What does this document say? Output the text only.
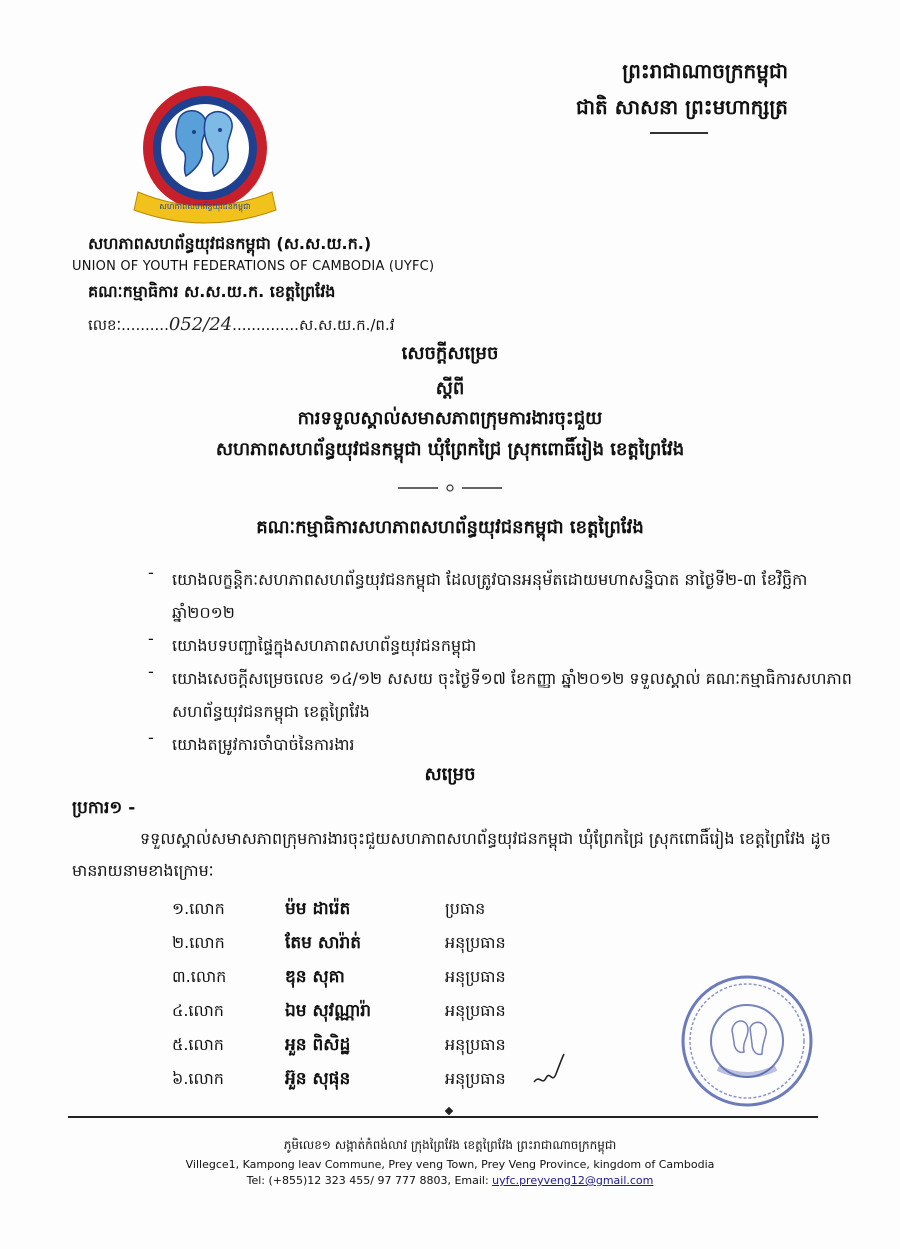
ព្រះរាជាណាចក្រកម្ពុជា
ជាតិ សាសនា ព្រះមហាក្សត្រ
សហភាពសហព័ន្ធយុវជនកម្ពុជា
សហភាពសហព័ន្ធយុវជនកម្ពុជា (ស.ស.យ.ក.)
UNION OF YOUTH FEDERATIONS OF CAMBODIA (UYFC)
គណៈកម្មាធិការ ស.ស.យ.ក. ខេត្តព្រៃវែង
លេខៈ..........052/24..............ស.ស.យ.ក./ព.វ
សេចក្តីសម្រេច
ស្តីពី
ការទទួលស្គាល់សមាសភាពក្រុមការងារចុះជួយ
សហភាពសហព័ន្ធយុវជនកម្ពុជា ឃុំព្រែកជ្រៃ ស្រុកពោធិ៍រៀង ខេត្តព្រៃវែង
គណៈកម្មាធិការសហភាពសហព័ន្ធយុវជនកម្ពុជា ខេត្តព្រៃវែង
- យោងលក្ខន្តិកៈសហភាពសហព័ន្ធយុវជនកម្ពុជា ដែលត្រូវបានអនុម័តដោយមហាសន្និបាត នាថ្ងៃទី២-៣ ខែវិច្ឆិកា ឆ្នាំ២០១២
- យោងបទបញ្ជាផ្ទៃក្នុងសហភាពសហព័ន្ធយុវជនកម្ពុជា
- យោងសេចក្តីសម្រេចលេខ ១៤/១២ សសយ ចុះថ្ងៃទី១៧ ខែកញ្ញា ឆ្នាំ២០១២ ទទួលស្គាល់ គណៈកម្មាធិការសហភាពសហព័ន្ធយុវជនកម្ពុជា ខេត្តព្រៃវែង
- យោងតម្រូវការចាំបាច់នៃការងារ
សម្រេច
ប្រការ១ -
ទទួលស្គាល់សមាសភាពក្រុមការងារចុះជួយសហភាពសហព័ន្ធយុវជនកម្ពុជា ឃុំព្រែកជ្រៃ ស្រុកពោធិ៍រៀង ខេត្តព្រៃវែង ដូចមានរាយនាមខាងក្រោមៈ
១.លោក	ម៉ម ដារ៉េត	ប្រធាន
២.លោក	តែម សារ៉ាត់	អនុប្រធាន
៣.លោក	ឌុន សុគា	អនុប្រធាន
៤.លោក	ឯម សុវណ្ណារ៉ា	អនុប្រធាន
៥.លោក	អួន ពិសិដ្ឋ	អនុប្រធាន
៦.លោក	អ៊ួន សុផុន	អនុប្រធាន
ភូមិលេខ១ សង្កាត់កំពង់លាវ ក្រុងព្រៃវែង ខេត្តព្រៃវែង ព្រះរាជាណាចក្រកម្ពុជា
Villegce1, Kampong leav Commune, Prey veng Town, Prey Veng Province, kingdom of Cambodia
Tel: (+855)12 323 455/ 97 777 8803, Email: uyfc.preyveng12@gmail.com
